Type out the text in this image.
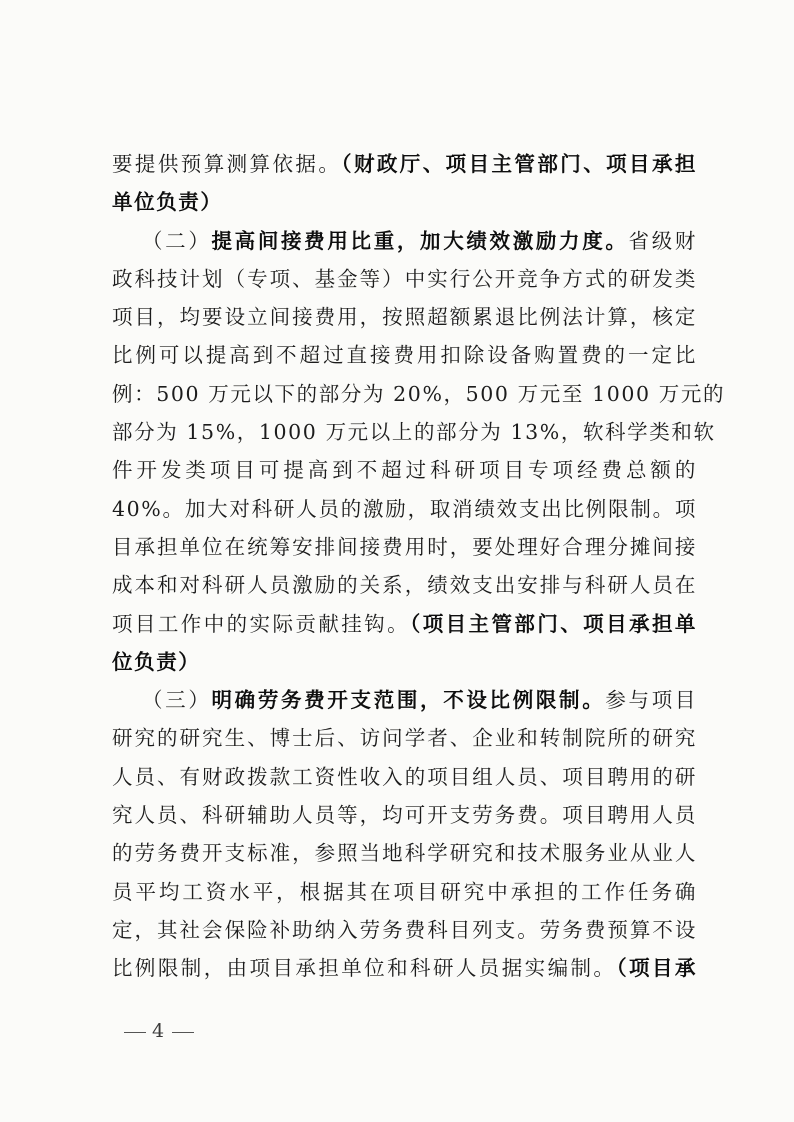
要提供预算测算依据。（财政厅、项目主管部门、项目承担
单位负责）
（二）提高间接费用比重，加大绩效激励力度。省级财
政科技计划（专项、基金等）中实行公开竞争方式的研发类
项目，均要设立间接费用，按照超额累退比例法计算，核定
比例可以提高到不超过直接费用扣除设备购置费的一定比
例：500 万元以下的部分为 20%，500 万元至 1000 万元的
部分为 15%，1000 万元以上的部分为 13%，软科学类和软
件开发类项目可提高到不超过科研项目专项经费总额的
40%。加大对科研人员的激励，取消绩效支出比例限制。项
目承担单位在统筹安排间接费用时，要处理好合理分摊间接
成本和对科研人员激励的关系，绩效支出安排与科研人员在
项目工作中的实际贡献挂钩。（项目主管部门、项目承担单
位负责）
（三）明确劳务费开支范围，不设比例限制。参与项目
研究的研究生、博士后、访问学者、企业和转制院所的研究
人员、有财政拨款工资性收入的项目组人员、项目聘用的研
究人员、科研辅助人员等，均可开支劳务费。项目聘用人员
的劳务费开支标准，参照当地科学研究和技术服务业从业人
员平均工资水平，根据其在项目研究中承担的工作任务确
定，其社会保险补助纳入劳务费科目列支。劳务费预算不设
比例限制，由项目承担单位和科研人员据实编制。（项目承
4
